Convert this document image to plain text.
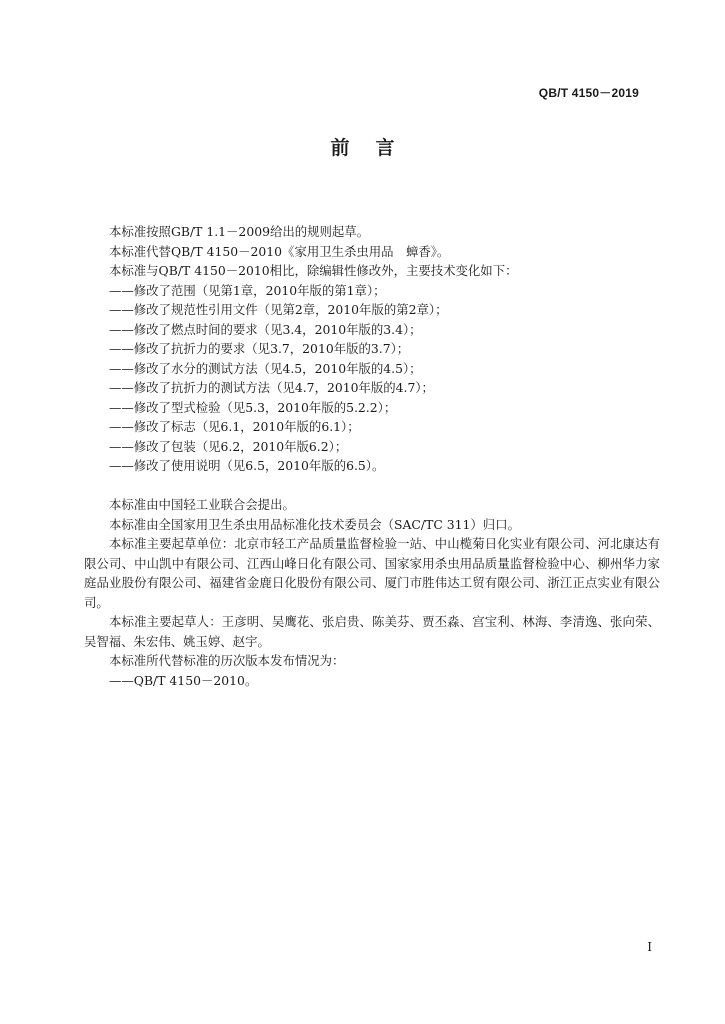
QB/T 4150－2019
前言

本标准按照GB/T 1.1－2009给出的规则起草。

本标准代替QB/T 4150－2010《家用卫生杀虫用品　蟑香》。

本标准与QB/T 4150－2010相比，除编辑性修改外，主要技术变化如下：

——修改了范围（见第1章，2010年版的第1章）；
——修改了规范性引用文件（见第2章，2010年版的第2章）；
——修改了燃点时间的要求（见3.4，2010年版的3.4）；
——修改了抗折力的要求（见3.7，2010年版的3.7）；
——修改了水分的测试方法（见4.5，2010年版的4.5）；
——修改了抗折力的测试方法（见4.7，2010年版的4.7）；
——修改了型式检验（见5.3，2010年版的5.2.2）；
——修改了标志（见6.1，2010年版的6.1）；
——修改了包装（见6.2，2010年版6.2）；
——修改了使用说明（见6.5，2010年版的6.5）。

本标准由中国轻工业联合会提出。

本标准由全国家用卫生杀虫用品标准化技术委员会（SAC/TC 311）归口。

本标准主要起草单位：北京市轻工产品质量监督检验一站、中山榄菊日化实业有限公司、河北康达有限公司、中山凯中有限公司、江西山峰日化有限公司、国家家用杀虫用品质量监督检验中心、柳州华力家庭品业股份有限公司、福建省金鹿日化股份有限公司、厦门市胜伟达工贸有限公司、浙江正点实业有限公司。

本标准主要起草人：王彦明、吴鹰花、张启贵、陈美芬、贾丕淼、宫宝利、林海、李清逸、张向荣、吴智福、朱宏伟、姚玉婷、赵宇。

本标准所代替标准的历次版本发布情况为：

——QB/T 4150－2010。
I
